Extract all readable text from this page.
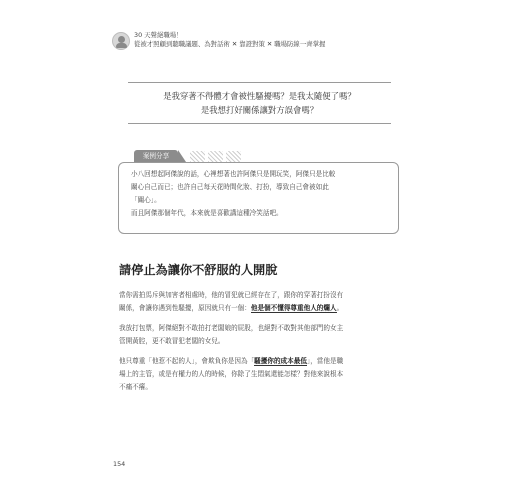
30 天聲絕職場！
從被才照顧到聽職議題、為對話術 ✕ 靠證對策 ✕ 職場防線一齊掌握

是我穿著不得體才會被性騷擾嗎？是我太隨便了嗎？

是我想打好關係讓對方誤會嗎？

案例分享

小八回想起阿傑說的話，心裡想著也許阿傑只是開玩笑，阿傑只是比較

關心自己而已；也許自己每天花時間化妝、打扮，導致自己會被如此

「關心」。

而且阿傑那個年代，本來就是喜歡講這種冷笑話吧。

請停止為讓你不舒服的人開脫

當你需拍馬斥與加害者相處時，他的冒犯就已經存在了，跟你的穿著打扮沒有
關係，會讓你遇到性騷擾，原因就只有一個：他是個不懂得尊重他人的爛人。

我放打包票，阿傑絕對不敢拍打老闆娘的屁股，也絕對不敢對其他部門的女主
管開黃腔，更不敢冒犯老闆的女兒。

他只尊重「他惹不起的人」，會欺負你是因為「騷擾你的成本最低」，當他是職
場上的主管，或是有權力的人的時候，你除了生悶氣還能怎樣？對他來說根本
不痛不癢。

154
